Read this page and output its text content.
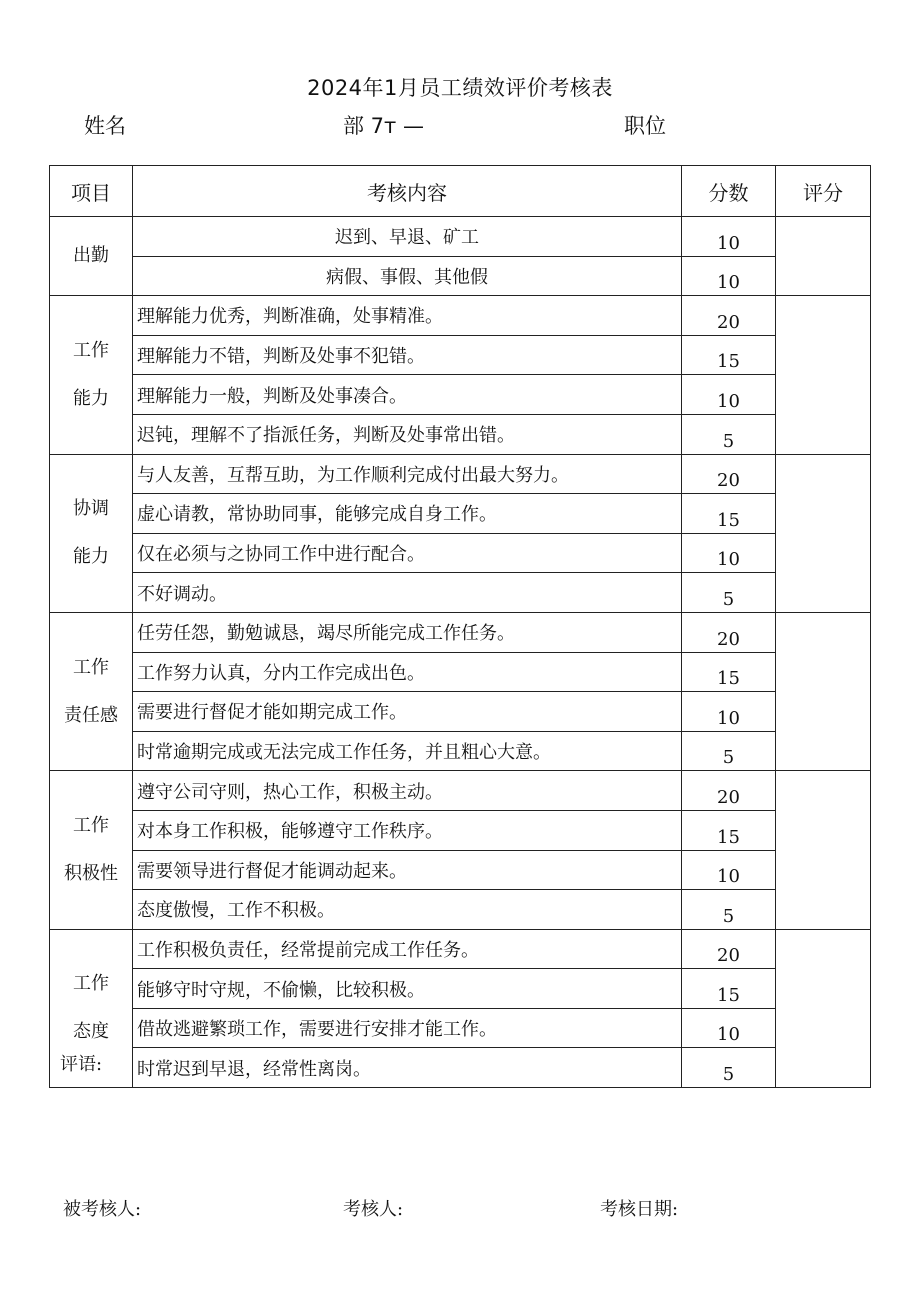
2024年1月员工绩效评价考核表
姓名	部 7т —	职位
项目	考核内容	分数	评分

出勤	迟到、早退、矿工	10	
	病假、事假、其他假	10	

工作
能力	理解能力优秀，判断准确，处事精准。	20	
	理解能力不错，判断及处事不犯错。	15	
	理解能力一般，判断及处事凑合。	10	
	迟钝，理解不了指派任务，判断及处事常出错。	5	

协调
能力	与人友善，互帮互助，为工作顺利完成付出最大努力。	20	
	虚心请教，常协助同事，能够完成自身工作。	15	
	仅在必须与之协同工作中进行配合。	10	
	不好调动。	5	

工作
责任感	任劳任怨，勤勉诚恳，竭尽所能完成工作任务。	20	
	工作努力认真，分内工作完成出色。	15	
	需要进行督促才能如期完成工作。	10	
	时常逾期完成或无法完成工作任务，并且粗心大意。	5	

工作
积极性	遵守公司守则，热心工作，积极主动。	20	
	对本身工作积极，能够遵守工作秩序。	15	
	需要领导进行督促才能调动起来。	10	
	态度傲慢，工作不积极。	5	

工作
态度	工作积极负责任，经常提前完成工作任务。	20	
	能够守时守规，不偷懒，比较积极。	15	
	借故逃避繁琐工作，需要进行安排才能工作。	10	
	时常迟到早退，经常性离岗。	5	
评语:
被考核人:	考核人:	考核日期:
